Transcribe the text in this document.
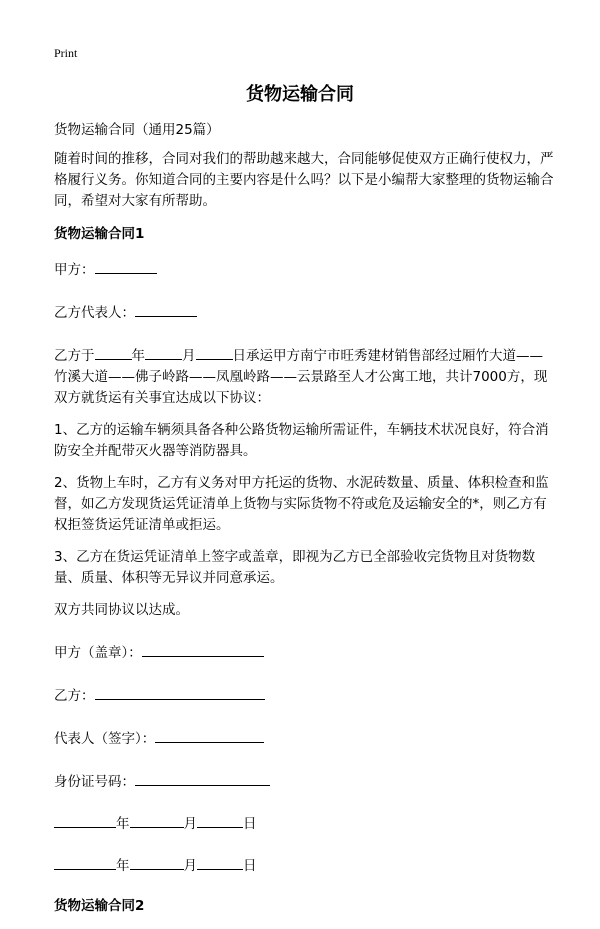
Print
货物运输合同

货物运输合同（通用25篇）

随着时间的推移，合同对我们的帮助越来越大，合同能够促使双方正确行使权力，严格履行义务。你知道合同的主要内容是什么吗？以下是小编帮大家整理的货物运输合同，希望对大家有所帮助。

货物运输合同1

甲方：

乙方代表人：

乙方于	年	月	日承运甲方南宁市旺秀建材销售部经过厢竹大道——竹溪大道——佛子岭路——凤凰岭路——云景路至人才公寓工地，共计7000方，现双方就货运有关事宜达成以下协议：

1、乙方的运输车辆须具备各种公路货物运输所需证件，车辆技术状况良好，符合消防安全并配带灭火器等消防器具。

2、货物上车时，乙方有义务对甲方托运的货物、水泥砖数量、质量、体积检查和监督，如乙方发现货运凭证清单上货物与实际货物不符或危及运输安全的*，则乙方有权拒签货运凭证清单或拒运。

3、乙方在货运凭证清单上签字或盖章，即视为乙方已全部验收完货物且对货物数量、质量、体积等无异议并同意承运。

双方共同协议以达成。

甲方（盖章）：

乙方：

代表人（签字）：

身份证号码：

年	月	日

年	月	日

货物运输合同2
